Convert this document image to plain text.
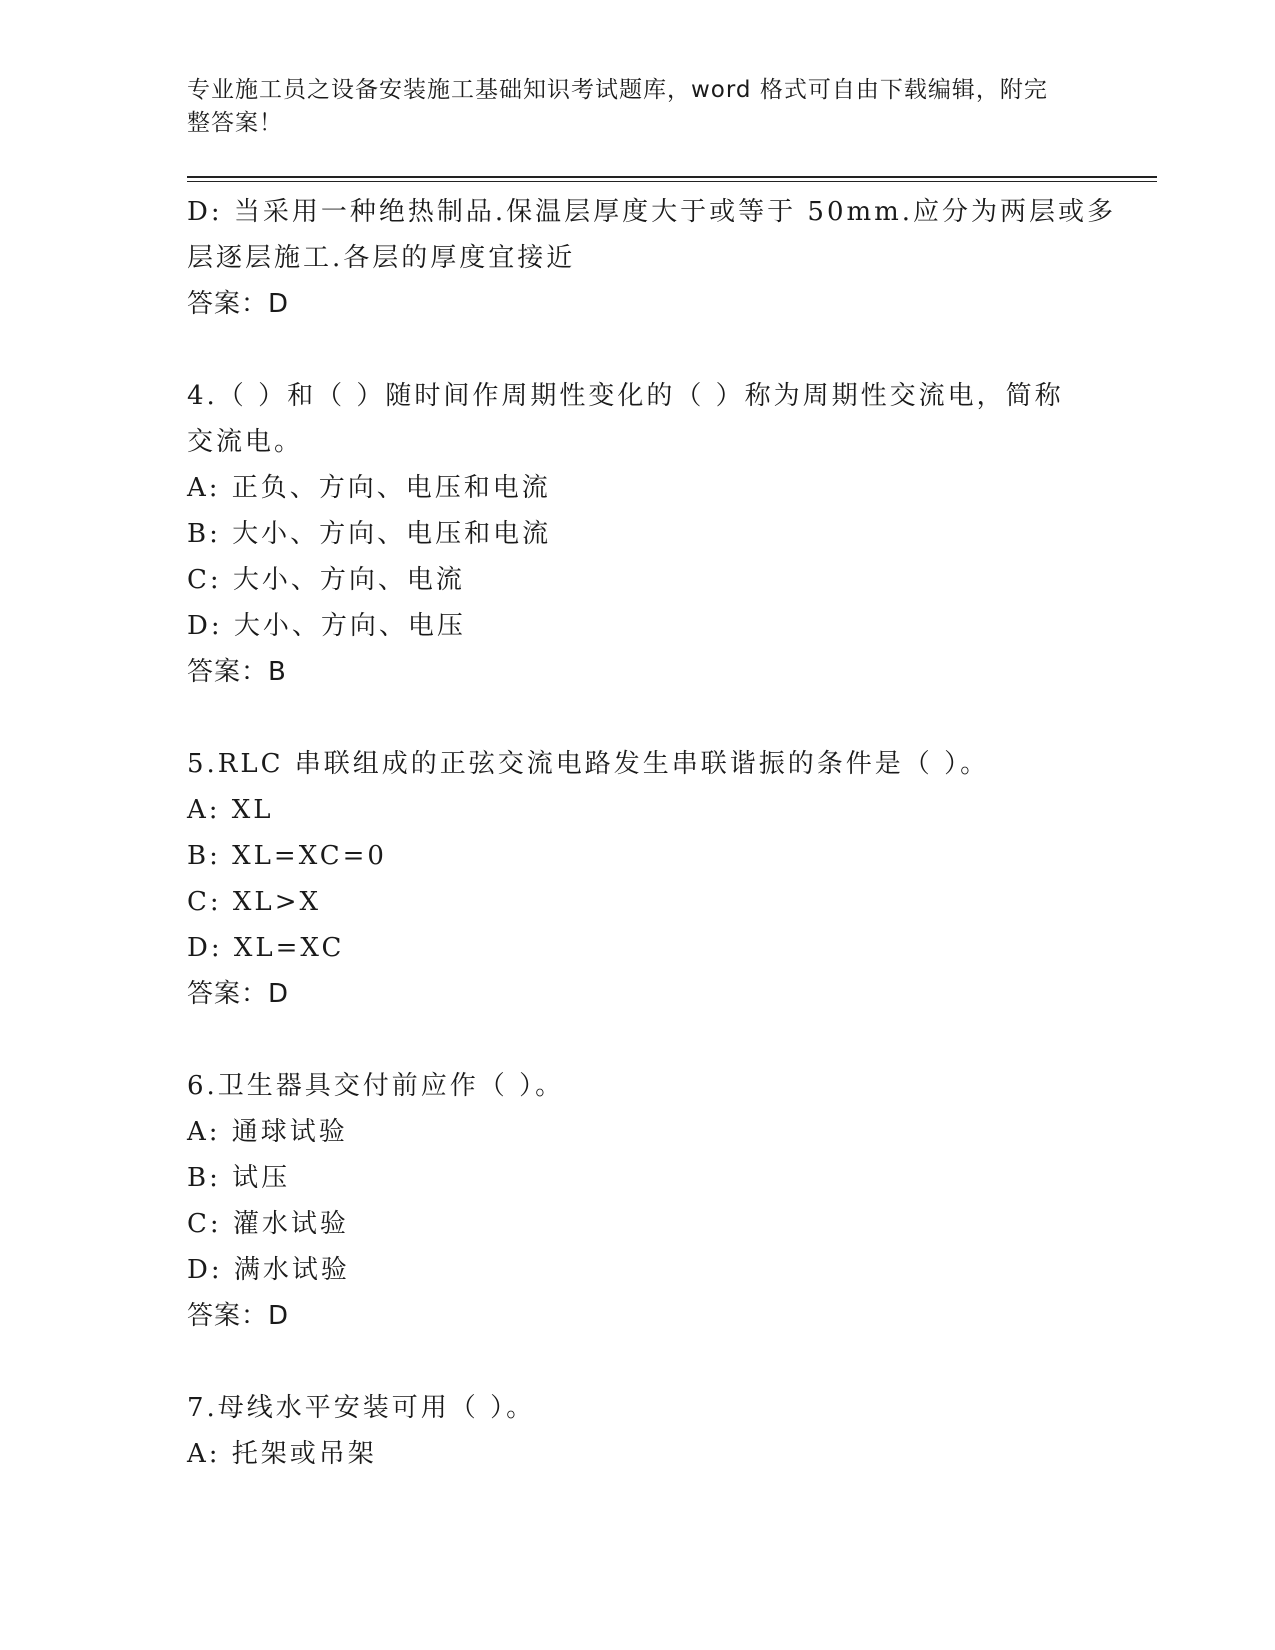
专业施工员之设备安装施工基础知识考试题库，word 格式可自由下载编辑，附完
整答案！
D: 当采用一种绝热制品.保温层厚度大于或等于 50mm.应分为两层或多
层逐层施工.各层的厚度宜接近
答案：D
4.（ ）和（ ）随时间作周期性变化的（ ）称为周期性交流电，简称
交流电。
A: 正负、方向、电压和电流
B: 大小、方向、电压和电流
C: 大小、方向、电流
D: 大小、方向、电压
答案：B
5.RLC 串联组成的正弦交流电路发生串联谐振的条件是（ ）。
A: XL
B: XL=XC=0
C: XL>X
D: XL=XC
答案：D
6.卫生器具交付前应作（ ）。
A: 通球试验
B: 试压
C: 灌水试验
D: 满水试验
答案：D
7.母线水平安装可用（ ）。
A: 托架或吊架
